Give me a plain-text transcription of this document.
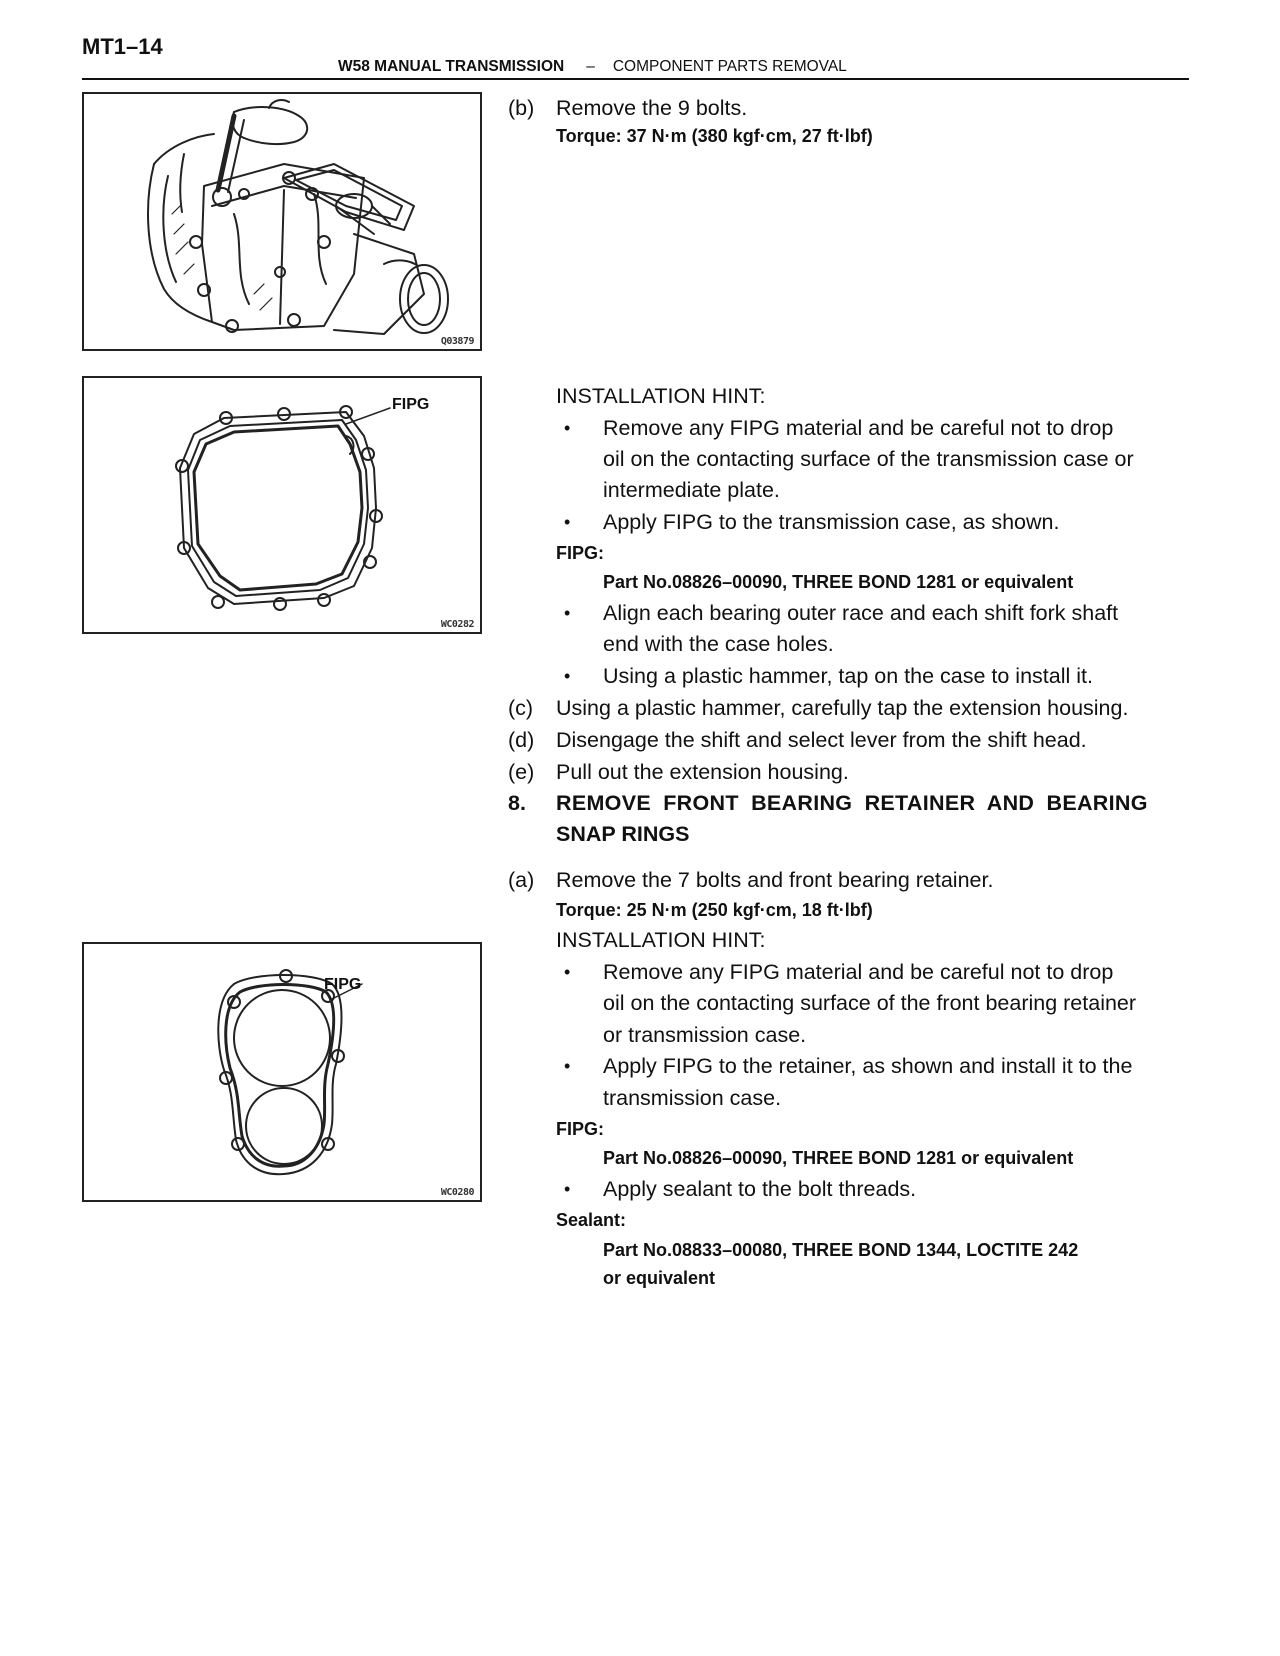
MT1–14
W58 MANUAL TRANSMISSION – COMPONENT PARTS REMOVAL
Q03879
FIPG
WC0282
FIPG
WC0280
(b) Remove the 9 bolts.
Torque: 37 N·m (380 kgf·cm, 27 ft·lbf)
INSTALLATION HINT:
• Remove any FIPG material and be careful not to drop
oil on the contacting surface of the transmission case or
intermediate plate.
• Apply FIPG to the transmission case, as shown.
FIPG:
Part No.08826–00090, THREE BOND 1281 or equivalent
• Align each bearing outer race and each shift fork shaft
end with the case holes.
• Using a plastic hammer, tap on the case to install it.
(c) Using a plastic hammer, carefully tap the extension housing.
(d) Disengage the shift and select lever from the shift head.
(e) Pull out the extension housing.
8. REMOVE FRONT BEARING RETAINER AND BEARING
SNAP RINGS
(a) Remove the 7 bolts and front bearing retainer.
Torque: 25 N·m (250 kgf·cm, 18 ft·lbf)
INSTALLATION HINT:
• Remove any FIPG material and be careful not to drop
oil on the contacting surface of the front bearing retainer
or transmission case.
• Apply FIPG to the retainer, as shown and install it to the
transmission case.
FIPG:
Part No.08826–00090, THREE BOND 1281 or equivalent
• Apply sealant to the bolt threads.
Sealant:
Part No.08833–00080, THREE BOND 1344, LOCTITE 242
or equivalent
